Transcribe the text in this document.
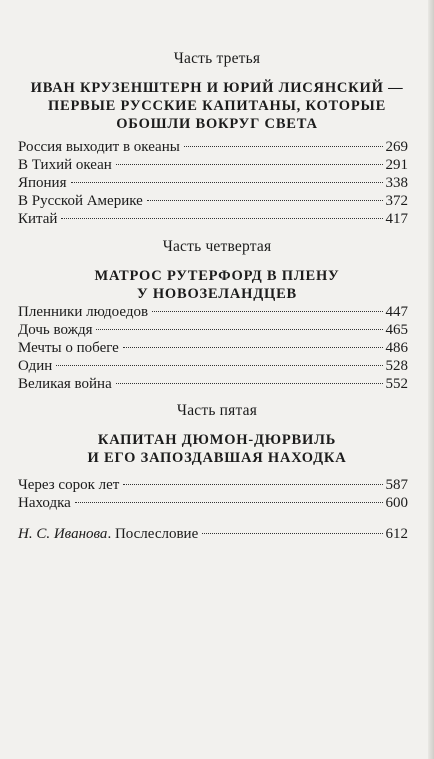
Часть третья
ИВАН КРУЗЕНШТЕРН И ЮРИЙ ЛИСЯНСКИЙ —
ПЕРВЫЕ РУССКИЕ КАПИТАНЫ, КОТОРЫЕ
ОБОШЛИ ВОКРУГ СВЕТА
Россия выходит в океаны	269
В Тихий океан	291
Япония	338
В Русской Америке	372
Китай	417
Часть четвертая
МАТРОС РУТЕРФОРД В ПЛЕНУ
У НОВОЗЕЛАНДЦЕВ
Пленники людоедов	447
Дочь вождя	465
Мечты о побеге	486
Один	528
Великая война	552
Часть пятая
КАПИТАН ДЮМОН-ДЮРВИЛЬ
И ЕГО ЗАПОЗДАВШАЯ НАХОДКА
Через сорок лет	587
Находка	600
Н. С. Иванова . Послесловие	612
